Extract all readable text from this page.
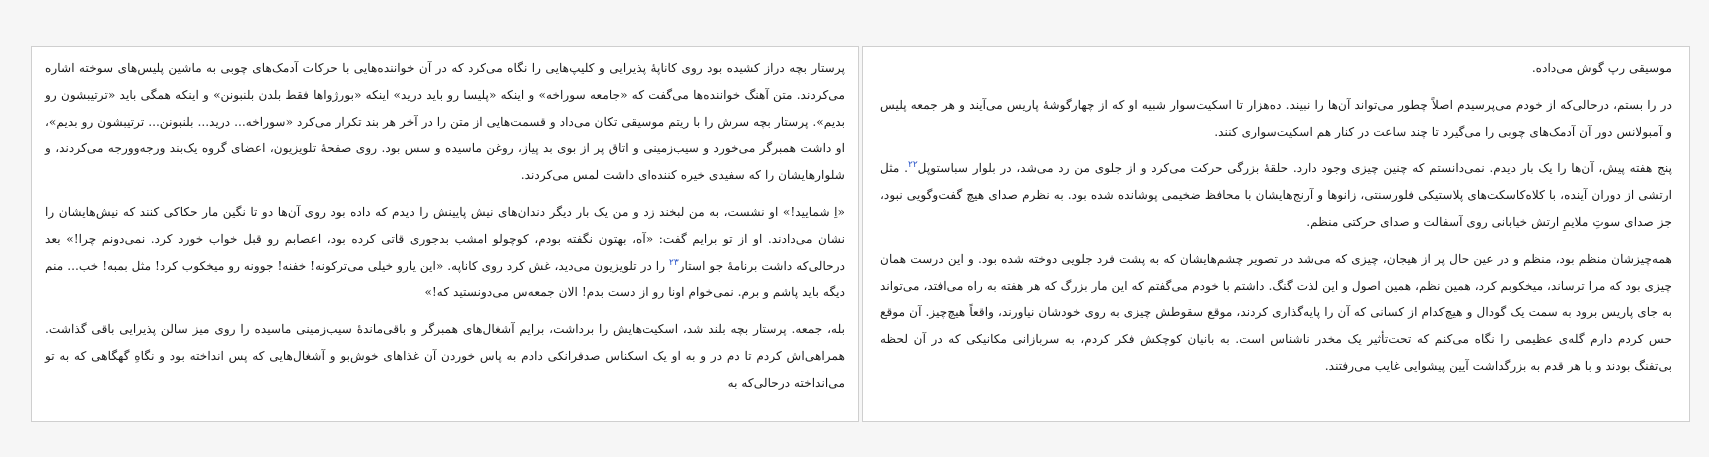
موسیقی رپ گوش می‌داده.

در را بستم، درحالی‌که از خودم می‌پرسیدم اصلاً چطور می‌تواند آن‌ها را نبیند. ده‌هزار تا اسکیت‌سوار شبیه او که از چهارگوشهٔ پاریس می‌آیند و هر جمعه پلیس و آمبولانس دور آن آدمک‌های چوبی را می‌گیرد تا چند ساعت در کنار هم اسکیت‌سواری کنند.

پنج هفته پیش، آن‌ها را یک بار دیدم. نمی‌دانستم که چنین چیزی وجود دارد. حلقهٔ بزرگی حرکت می‌کرد و از جلوی من رد می‌شد، در بلوار سباستوپل$^{۲۲}$. مثل ارتشی از دوران آینده، با کلاه‌کاسکت‌های پلاستیکی فلورسنتی، زانوها و آرنج‌هایشان با محافظ ضخیمی پوشانده شده بود. به نظرم صدای هیچ گفت‌وگویی نبود، جز صدای سوتِ ملایمِ ارتش خیابانی روی آسفالت و صدای حرکتی منظم.

همه‌چیزشان منظم بود، منظم و در عین حال پر از هیجان، چیزی که می‌شد در تصویر چشم‌هایشان که به پشت فرد جلویی دوخته شده بود. و این درست همان چیزی بود که مرا ترساند، میخکوبم کرد، همین نظم، همین اصول و این لذت گنگ. داشتم با خودم می‌گفتم که این مار بزرگ که هر هفته به راه می‌افتد، می‌تواند به جای پاریس برود به سمت یک گودال و هیچ‌کدام از کسانی که آن را پایه‌گذاری کردند، موقع سقوطش چیزی به روی خودشان نیاورند، واقعاً هیچ‌چیز. آن موقع حس کردم دارم گله‌ی عظیمی را نگاه می‌کنم که تحت‌تأثیر یک مخدر ناشناس است. به بانیان کوچکش فکر کردم، به سربازانی مکانیکی که در آن لحظه بی‌تفنگ بودند و با هر قدم به بزرگداشت آیین پیشوایی غایب می‌رفتند.

پرستار بچه دراز کشیده بود روی کاناپهٔ پذیرایی و کلیپ‌هایی را نگاه می‌کرد که در آن خواننده‌هایی با حرکات آدمک‌های چوبی به ماشین پلیس‌های سوخته اشاره می‌کردند. متن آهنگ خواننده‌ها می‌گفت که «جامعه سوراخه» و اینکه «پلیسا رو باید درید» اینکه «بورژواها فقط بلدن بلنبونن» و اینکه همگی باید «ترتیبشون رو بدیم». پرستار بچه سرش را با ریتم موسیقی تکان می‌داد و قسمت‌هایی از متن را در آخر هر بند تکرار می‌کرد «سوراخه... درید... بلنبونن... ترتیبشون رو بدیم»، او داشت همبرگر می‌خورد و سیب‌زمینی و اتاق پر از بوی بد پیاز، روغن ماسیده و سس بود. روی صفحهٔ تلویزیون، اعضای گروه یک‌بند ورجه‌وورجه می‌کردند، و شلوارهایشان را که سفیدی خیره کننده‌ای داشت لمس می‌کردند.

«اِ شمایید!» او نشست، به من لبخند زد و من یک بار دیگر دندان‌های نیش پایینش را دیدم که داده بود روی آن‌ها دو تا نگین مار حکاکی کنند که نیش‌هایشان را نشان می‌دادند. او از تو برایم گفت: «آه، بهتون نگفته بودم، کوچولو امشب بدجوری قاتی کرده بود، اعصابم رو قبل خواب خورد کرد. نمی‌دونم چرا!» بعد درحالی‌که داشت برنامهٔ جو استار$^{۲۳}$ را در تلویزیون می‌دید، غش کرد روی کاناپه. «این یارو خیلی می‌ترکونه! خفنه! جوونه رو میخکوب کرد! مثل بمبه! خب... منم دیگه باید پاشم و برم. نمی‌خوام اونا رو از دست بدم! الان جمعه‌س می‌دونستید که!»

بله، جمعه. پرستار بچه بلند شد، اسکیت‌هایش را برداشت، برایم آشغال‌های همبرگر و باقی‌ماندهٔ سیب‌زمینی ماسیده را روی میز سالن پذیرایی باقی گذاشت. همراهی‌اش کردم تا دم در و به او یک اسکناس صدفرانکی دادم به پاس خوردن آن غذاهای خوش‌بو و آشغال‌هایی که پس انداخته بود و نگاهِ گهگاهی که به تو می‌انداخته درحالی‌که به
